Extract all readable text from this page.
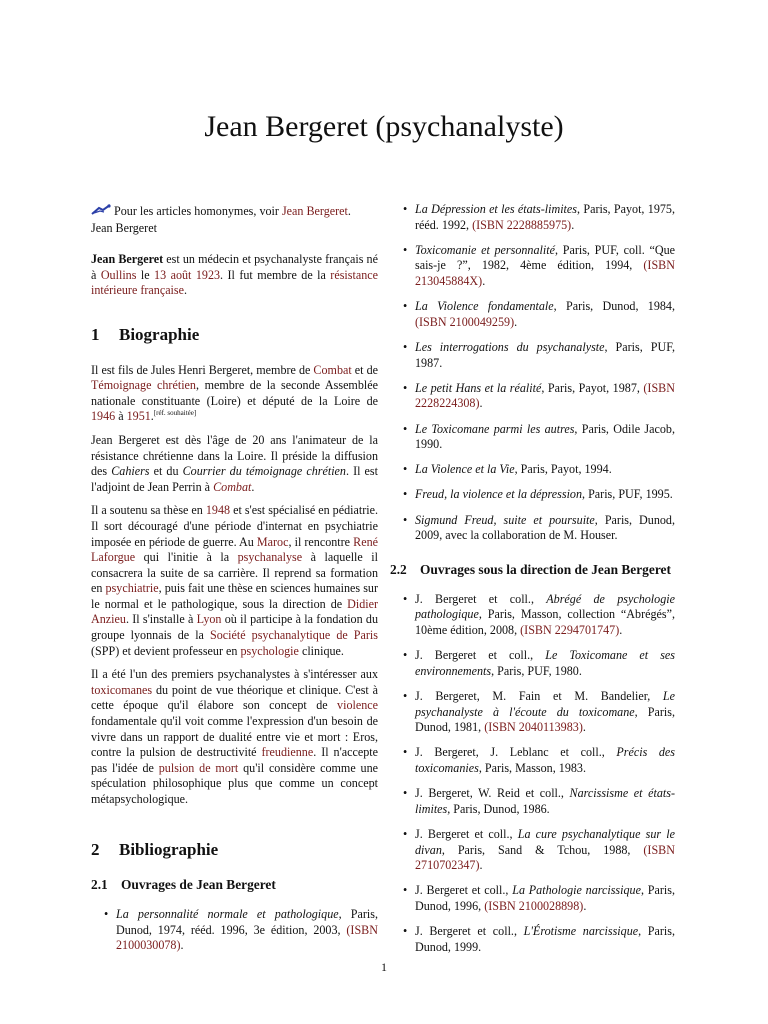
Jean Bergeret (psychanalyste)

Pour les articles homonymes, voir Jean Bergeret.

Jean Bergeret

Jean Bergeret est un médecin et psychanalyste français né à Oullins le 13 août 1923. Il fut membre de la résistance intérieure française.

1 Biographie

Il est fils de Jules Henri Bergeret, membre de Combat et de Témoignage chrétien, membre de la seconde Assemblée nationale constituante (Loire) et député de la Loire de 1946 à 1951.[réf. souhaitée]

Jean Bergeret est dès l'âge de 20 ans l'animateur de la résistance chrétienne dans la Loire. Il préside la diffusion des Cahiers et du Courrier du témoignage chrétien. Il est l'adjoint de Jean Perrin à Combat.

Il a soutenu sa thèse en 1948 et s'est spécialisé en pédiatrie. Il sort découragé d'une période d'internat en psychiatrie imposée en période de guerre. Au Maroc, il rencontre René Laforgue qui l'initie à la psychanalyse à laquelle il consacrera la suite de sa carrière. Il reprend sa formation en psychiatrie, puis fait une thèse en sciences humaines sur le normal et le pathologique, sous la direction de Didier Anzieu. Il s'installe à Lyon où il participe à la fondation du groupe lyonnais de la Société psychanalytique de Paris (SPP) et devient professeur en psychologie clinique.

Il a été l'un des premiers psychanalystes à s'intéresser aux toxicomanes du point de vue théorique et clinique. C'est à cette époque qu'il élabore son concept de violence fondamentale qu'il voit comme l'expression d'un besoin de vivre dans un rapport de dualité entre vie et mort : Eros, contre la pulsion de destructivité freudienne. Il n'accepte pas l'idée de pulsion de mort qu'il considère comme une spéculation philosophique plus que comme un concept métapsychologique.

2 Bibliographie
2.1 Ouvrages de Jean Bergeret
• La personnalité normale et pathologique, Paris, Dunod, 1974, rééd. 1996, 3e édition, 2003, (ISBN 2100030078).
• La Dépression et les états-limites, Paris, Payot, 1975, rééd. 1992, (ISBN 2228885975).
• Toxicomanie et personnalité, Paris, PUF, coll. “Que sais-je ?”, 1982, 4ème édition, 1994, (ISBN 213045884X).
• La Violence fondamentale, Paris, Dunod, 1984, (ISBN 2100049259).
• Les interrogations du psychanalyste, Paris, PUF, 1987.
• Le petit Hans et la réalité, Paris, Payot, 1987, (ISBN 2228224308).
• Le Toxicomane parmi les autres, Paris, Odile Jacob, 1990.
• La Violence et la Vie, Paris, Payot, 1994.
• Freud, la violence et la dépression, Paris, PUF, 1995.
• Sigmund Freud, suite et poursuite, Paris, Dunod, 2009, avec la collaboration de M. Houser.
2.2 Ouvrages sous la direction de Jean Bergeret
• J. Bergeret et coll., Abrégé de psychologie pathologique, Paris, Masson, collection “Abrégés”, 10ème édition, 2008, (ISBN 2294701747).
• J. Bergeret et coll., Le Toxicomane et ses environnements, Paris, PUF, 1980.
• J. Bergeret, M. Fain et M. Bandelier, Le psychanalyste à l'écoute du toxicomane, Paris, Dunod, 1981, (ISBN 2040113983).
• J. Bergeret, J. Leblanc et coll., Précis des toxicomanies, Paris, Masson, 1983.
• J. Bergeret, W. Reid et coll., Narcissisme et états-limites, Paris, Dunod, 1986.
• J. Bergeret et coll., La cure psychanalytique sur le divan, Paris, Sand & Tchou, 1988, (ISBN 2710702347).
• J. Bergeret et coll., La Pathologie narcissique, Paris, Dunod, 1996, (ISBN 2100028898).
• J. Bergeret et coll., L'Érotisme narcissique, Paris, Dunod, 1999.
1
